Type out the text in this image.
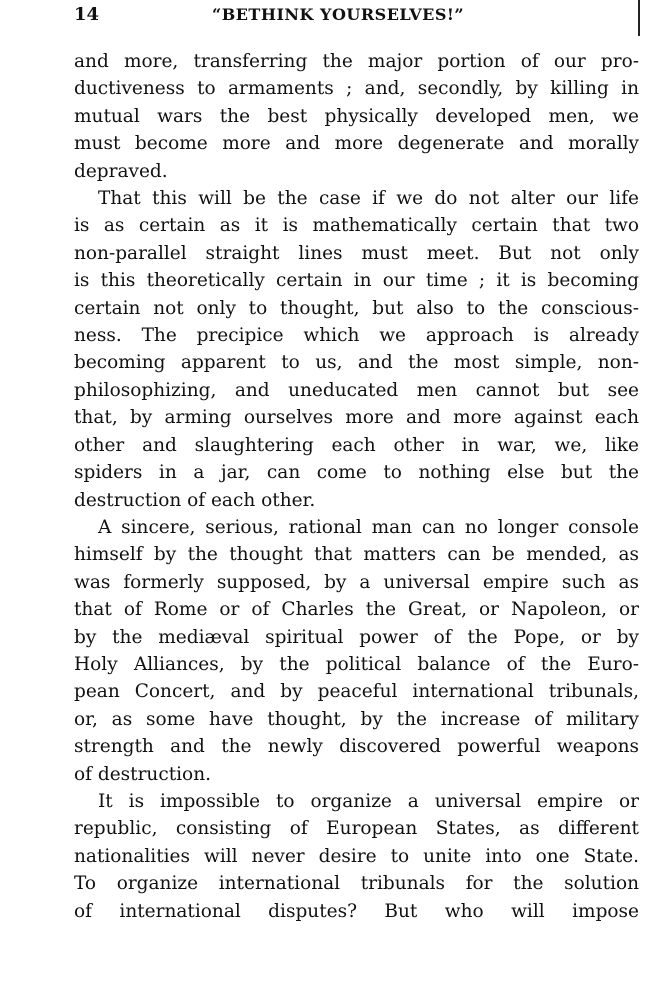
14	“BETHINK YOURSELVES!”
and more, transferring the major portion of our pro-
ductiveness to armaments ; and, secondly, by killing in
mutual wars the best physically developed men, we
must become more and more degenerate and morally
depraved.
That this will be the case if we do not alter our life
is as certain as it is mathematically certain that two
non-parallel straight lines must meet. But not only
is this theoretically certain in our time ; it is becoming
certain not only to thought, but also to the conscious-
ness. The precipice which we approach is already
becoming apparent to us, and the most simple, non-
philosophizing, and uneducated men cannot but see
that, by arming ourselves more and more against each
other and slaughtering each other in war, we, like
spiders in a jar, can come to nothing else but the
destruction of each other.
A sincere, serious, rational man can no longer console
himself by the thought that matters can be mended, as
was formerly supposed, by a universal empire such as
that of Rome or of Charles the Great, or Napoleon, or
by the mediæval spiritual power of the Pope, or by
Holy Alliances, by the political balance of the Euro-
pean Concert, and by peaceful international tribunals,
or, as some have thought, by the increase of military
strength and the newly discovered powerful weapons
of destruction.
It is impossible to organize a universal empire or
republic, consisting of European States, as different
nationalities will never desire to unite into one State.
To organize international tribunals for the solution
of international disputes? But who will impose
